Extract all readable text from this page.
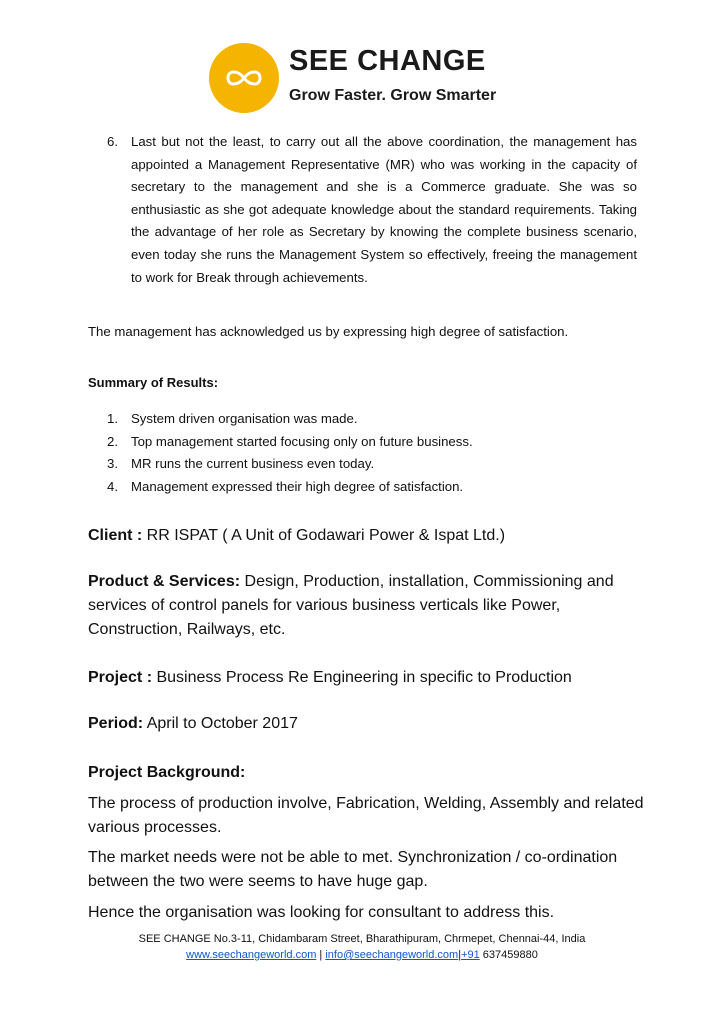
SEE CHANGE
Grow Faster. Grow Smarter
6. Last but not the least, to carry out all the above coordination, the management has appointed a Management Representative (MR) who was working in the capacity of secretary to the management and she is a Commerce graduate. She was so enthusiastic as she got adequate knowledge about the standard requirements. Taking the advantage of her role as Secretary by knowing the complete business scenario, even today she runs the Management System so effectively, freeing the management to work for Break through achievements.
The management has acknowledged us by expressing high degree of satisfaction.
Summary of Results:
1. System driven organisation was made.
2. Top management started focusing only on future business.
3. MR runs the current business even today.
4. Management expressed their high degree of satisfaction.
Client : RR ISPAT ( A Unit of Godawari Power & Ispat Ltd.)
Product & Services: Design, Production, installation, Commissioning and services of control panels for various business verticals like Power, Construction, Railways, etc.
Project : Business Process Re Engineering in specific to Production
Period: April to October 2017
Project Background:
The process of production involve, Fabrication, Welding, Assembly and related various processes.
The market needs were not be able to met. Synchronization / co-ordination between the two were seems to have huge gap.
Hence the organisation was looking for consultant to address this.
SEE CHANGE No.3-11, Chidambaram Street, Bharathipuram, Chrmepet, Chennai-44, India
www.seechangeworld.com | info@seechangeworld.com|+91 637459880
